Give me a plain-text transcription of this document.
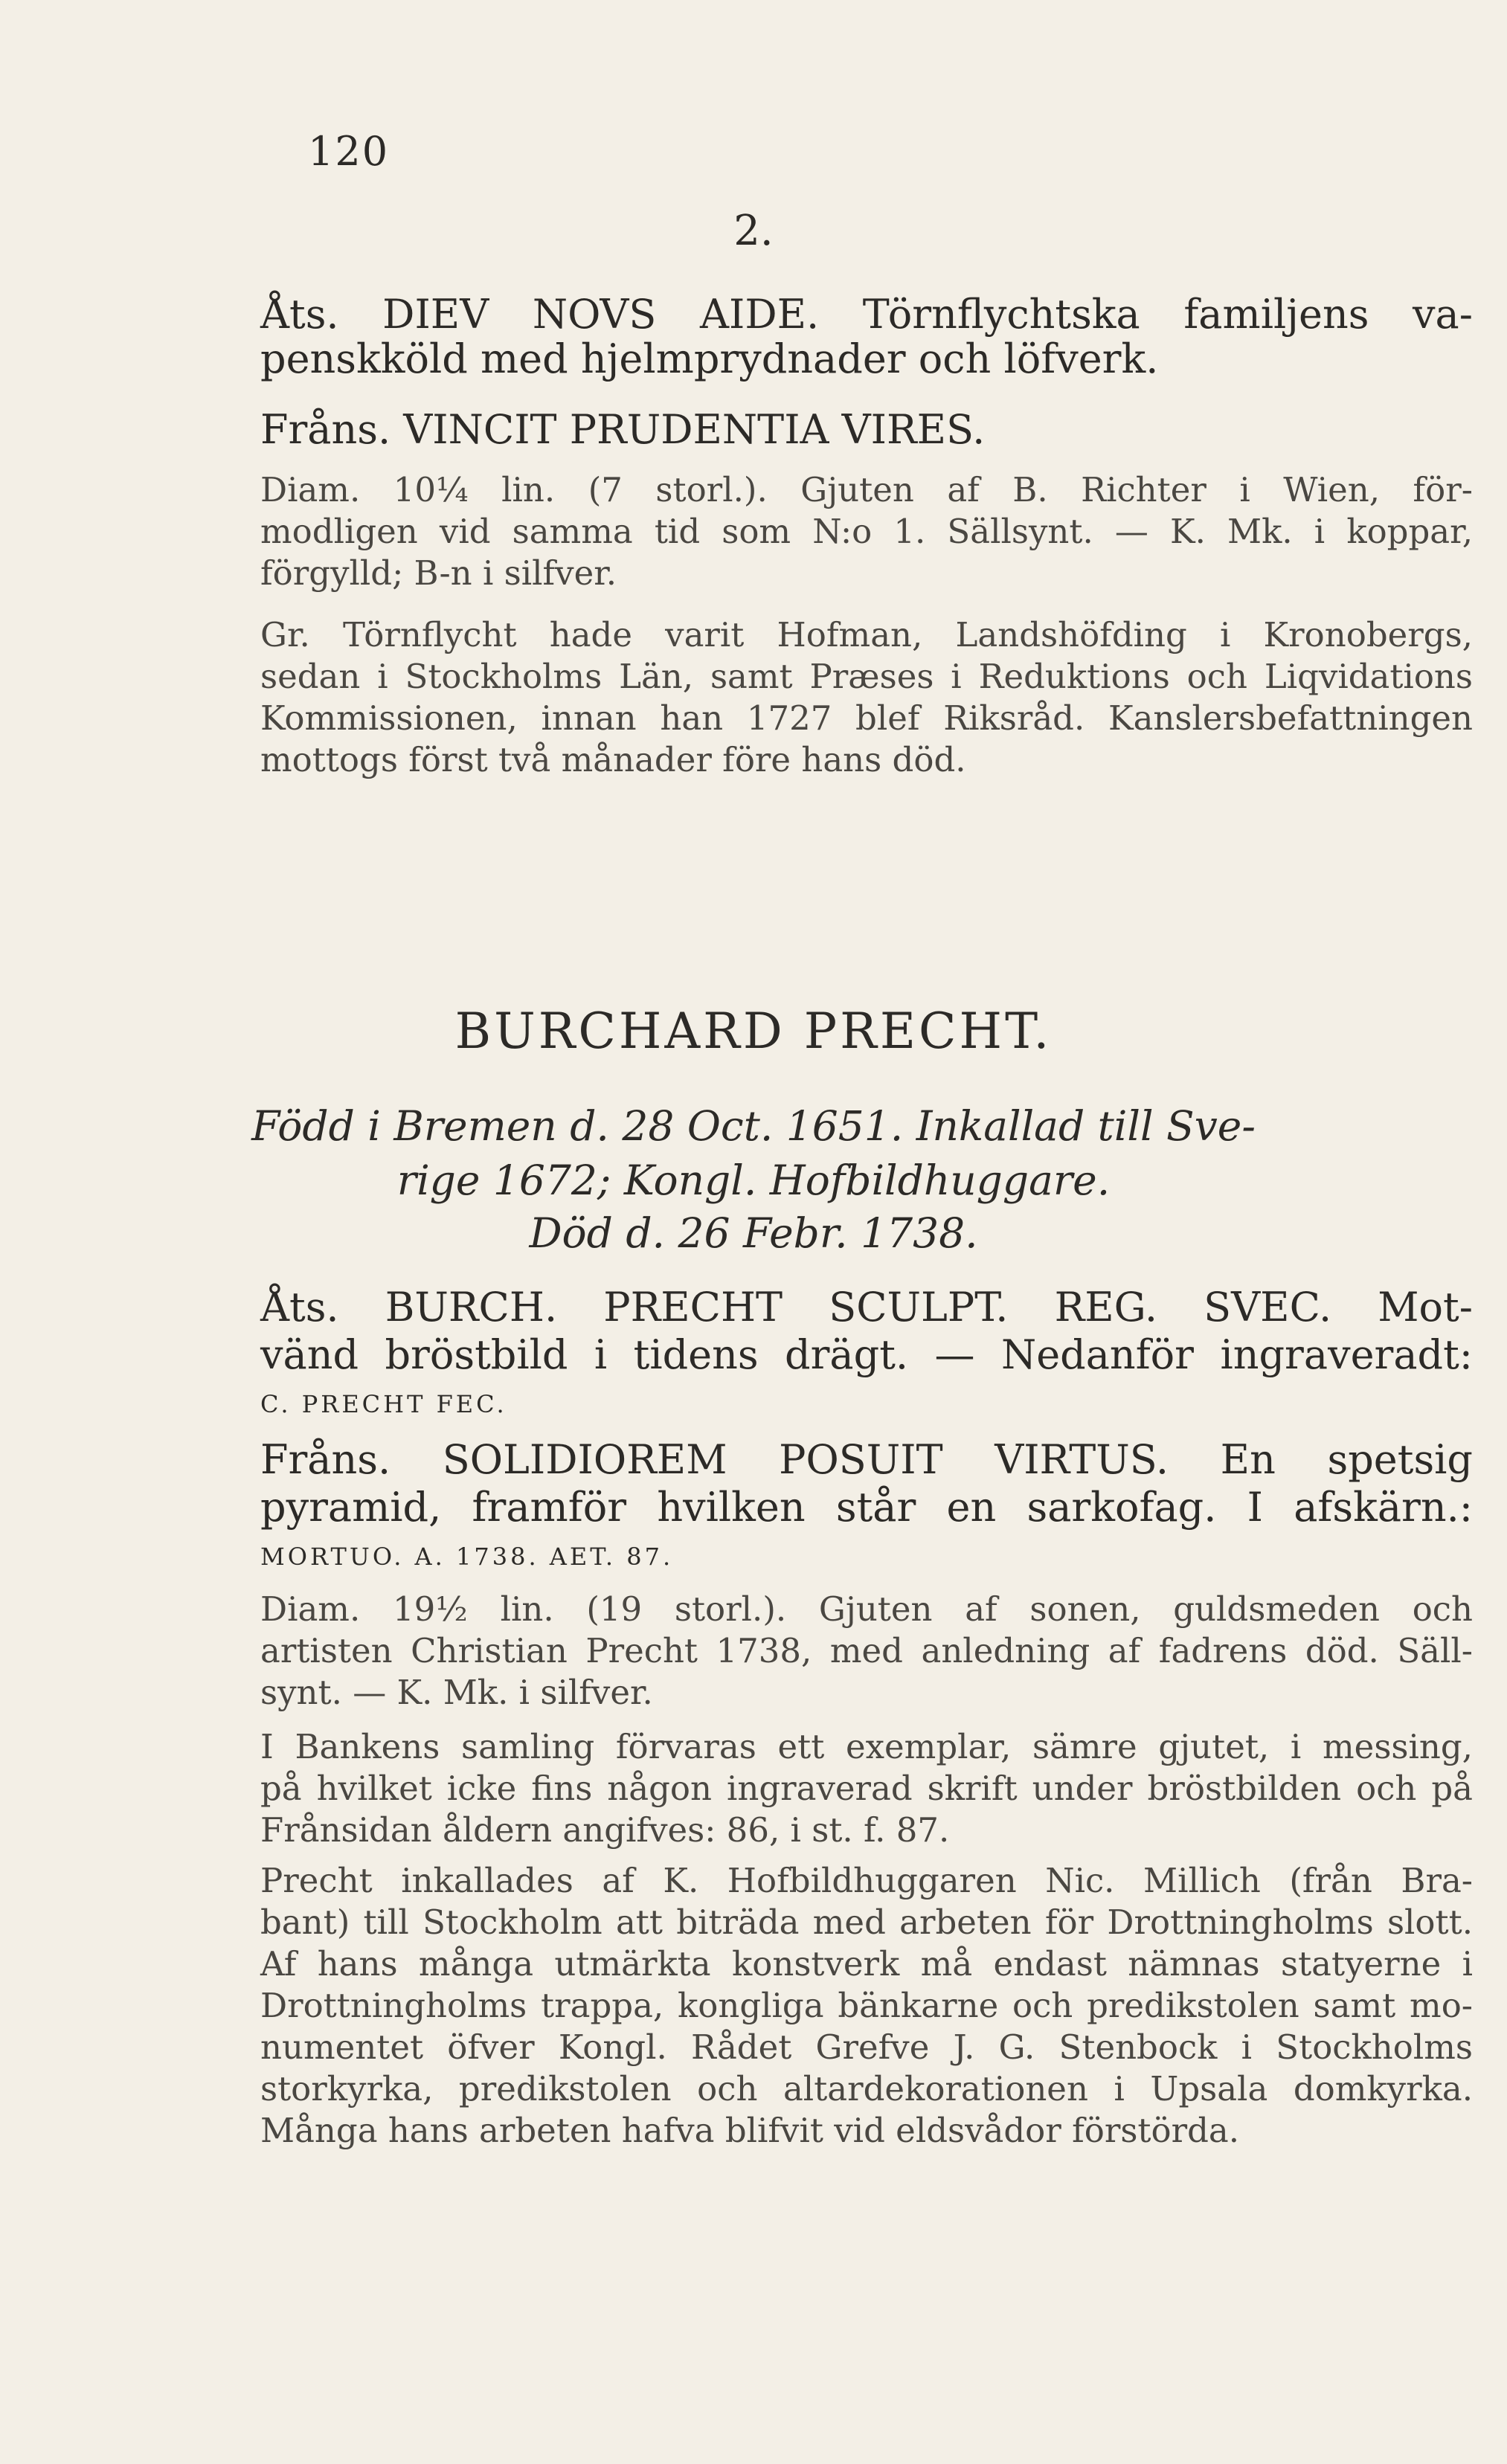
120
2.
Åts. DIEV NOVS AIDE. Törnflychtska familjens va-
penskköld med hjelmprydnader och löfverk.
Fråns. VINCIT PRUDENTIA VIRES.
Diam. 10¼ lin. (7 storl.). Gjuten af B. Richter i Wien, för-
modligen vid samma tid som N:o 1. Sällsynt. — K. Mk. i koppar,
förgylld; B-n i silfver.
Gr. Törnflycht hade varit Hofman, Landshöfding i Kronobergs,
sedan i Stockholms Län, samt Præses i Reduktions och Liqvidations
Kommissionen, innan han 1727 blef Riksråd. Kanslersbefattningen
mottogs först två månader före hans död.
BURCHARD PRECHT.
Född i Bremen d. 28 Oct. 1651. Inkallad till Sve-
rige 1672; Kongl. Hofbildhuggare.
Död d. 26 Febr. 1738.
Åts. BURCH. PRECHT SCULPT. REG. SVEC. Mot-
vänd bröstbild i tidens drägt. — Nedanför ingraveradt:
C. PRECHT FEC.
Fråns. SOLIDIOREM POSUIT VIRTUS. En spetsig
pyramid, framför hvilken står en sarkofag. I afskärn.:
MORTUO. A. 1738. AET. 87.
Diam. 19½ lin. (19 storl.). Gjuten af sonen, guldsmeden och
artisten Christian Precht 1738, med anledning af fadrens död. Säll-
synt. — K. Mk. i silfver.
I Bankens samling förvaras ett exemplar, sämre gjutet, i messing,
på hvilket icke fins någon ingraverad skrift under bröstbilden och på
Frånsidan åldern angifves: 86, i st. f. 87.
Precht inkallades af K. Hofbildhuggaren Nic. Millich (från Bra-
bant) till Stockholm att biträda med arbeten för Drottningholms slott.
Af hans många utmärkta konstverk må endast nämnas statyerne i
Drottningholms trappa, kongliga bänkarne och predikstolen samt mo-
numentet öfver Kongl. Rådet Grefve J. G. Stenbock i Stockholms
storkyrka, predikstolen och altardekorationen i Upsala domkyrka.
Många hans arbeten hafva blifvit vid eldsvådor förstörda.
